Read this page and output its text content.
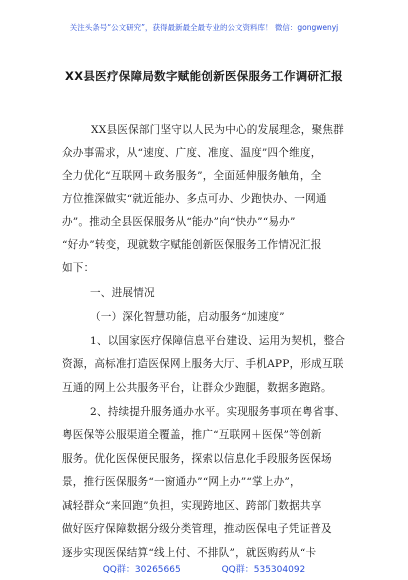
关注头条号“公文研究”，获得最新最全最专业的公文资料库！ 微信：gongwenyj
XX县医疗保障局数字赋能创新医保服务工作调研汇报
XX县医保部门坚守以人民为中心的发展理念，聚焦群
众办事需求，从“速度、广度、准度、温度”四个维度，
全力优化“互联网＋政务服务”，全面延伸服务触角，全
方位推深做实“就近能办、多点可办、少跑快办、一网通
办”。推动全县医保服务从“能办”向“快办”“易办”
“好办”转变，现就数字赋能创新医保服务工作情况汇报
如下：
一、进展情况
（一）深化智慧功能，启动服务“加速度”
1、以国家医疗保障信息平台建设、运用为契机，整合
资源，高标准打造医保网上服务大厅、手机APP，形成互联
互通的网上公共服务平台，让群众少跑腿，数据多跑路。
2、持续提升服务通办水平。实现服务事项在粤省事、
粤医保等公服渠道全覆盖，推广“互联网＋医保”等创新
服务。优化医保便民服务，探索以信息化手段服务医保场
景，推行医保服务“一窗通办”“网上办”“掌上办”，
减轻群众“来回跑”负担，实现跨地区、跨部门数据共享
做好医疗保障数据分级分类管理，推动医保电子凭证普及
逐步实现医保结算“线上付、不排队”，就医购药从“卡
QQ群：30265665	QQ群：535304092
